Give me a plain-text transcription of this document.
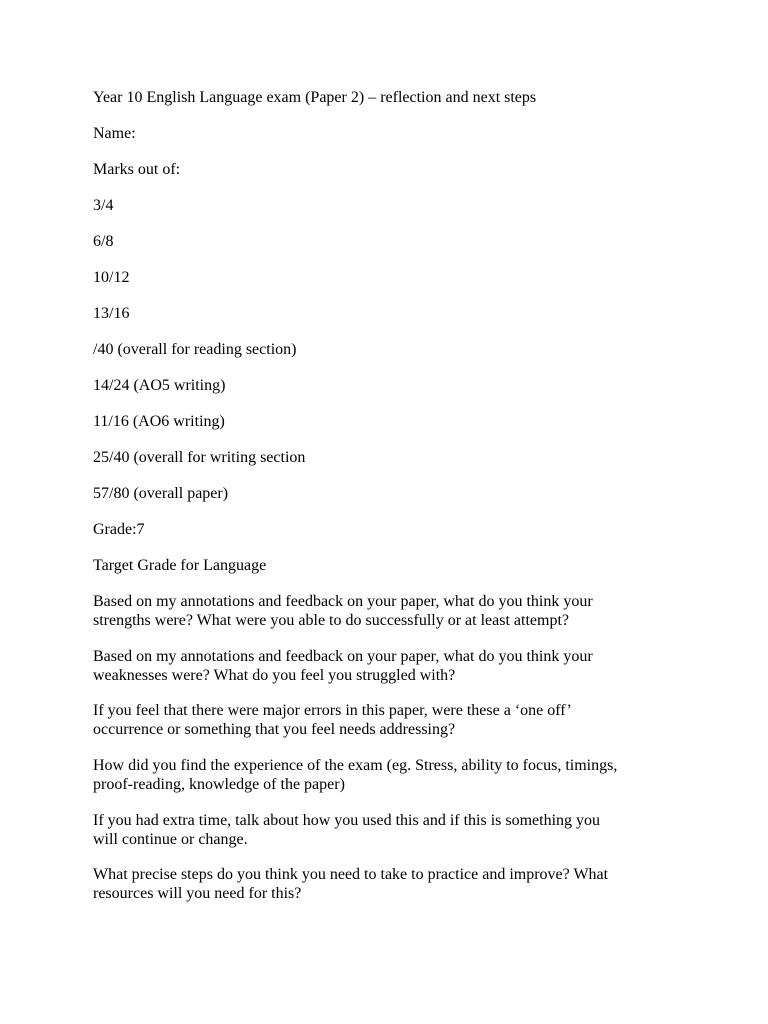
Year 10 English Language exam (Paper 2) – reflection and next steps

Name:

Marks out of:

3/4

6/8

10/12

13/16

/40 (overall for reading section)

14/24 (AO5 writing)

11/16 (AO6 writing)

25/40 (overall for writing section

57/80 (overall paper)

Grade:7

Target Grade for Language

Based on my annotations and feedback on your paper, what do you think your
strengths were? What were you able to do successfully or at least attempt?
Based on my annotations and feedback on your paper, what do you think your
weaknesses were? What do you feel you struggled with?
If you feel that there were major errors in this paper, were these a ‘one off’
occurrence or something that you feel needs addressing?
How did you find the experience of the exam (eg. Stress, ability to focus, timings,
proof-reading, knowledge of the paper)
If you had extra time, talk about how you used this and if this is something you
will continue or change.
What precise steps do you think you need to take to practice and improve? What
resources will you need for this?
